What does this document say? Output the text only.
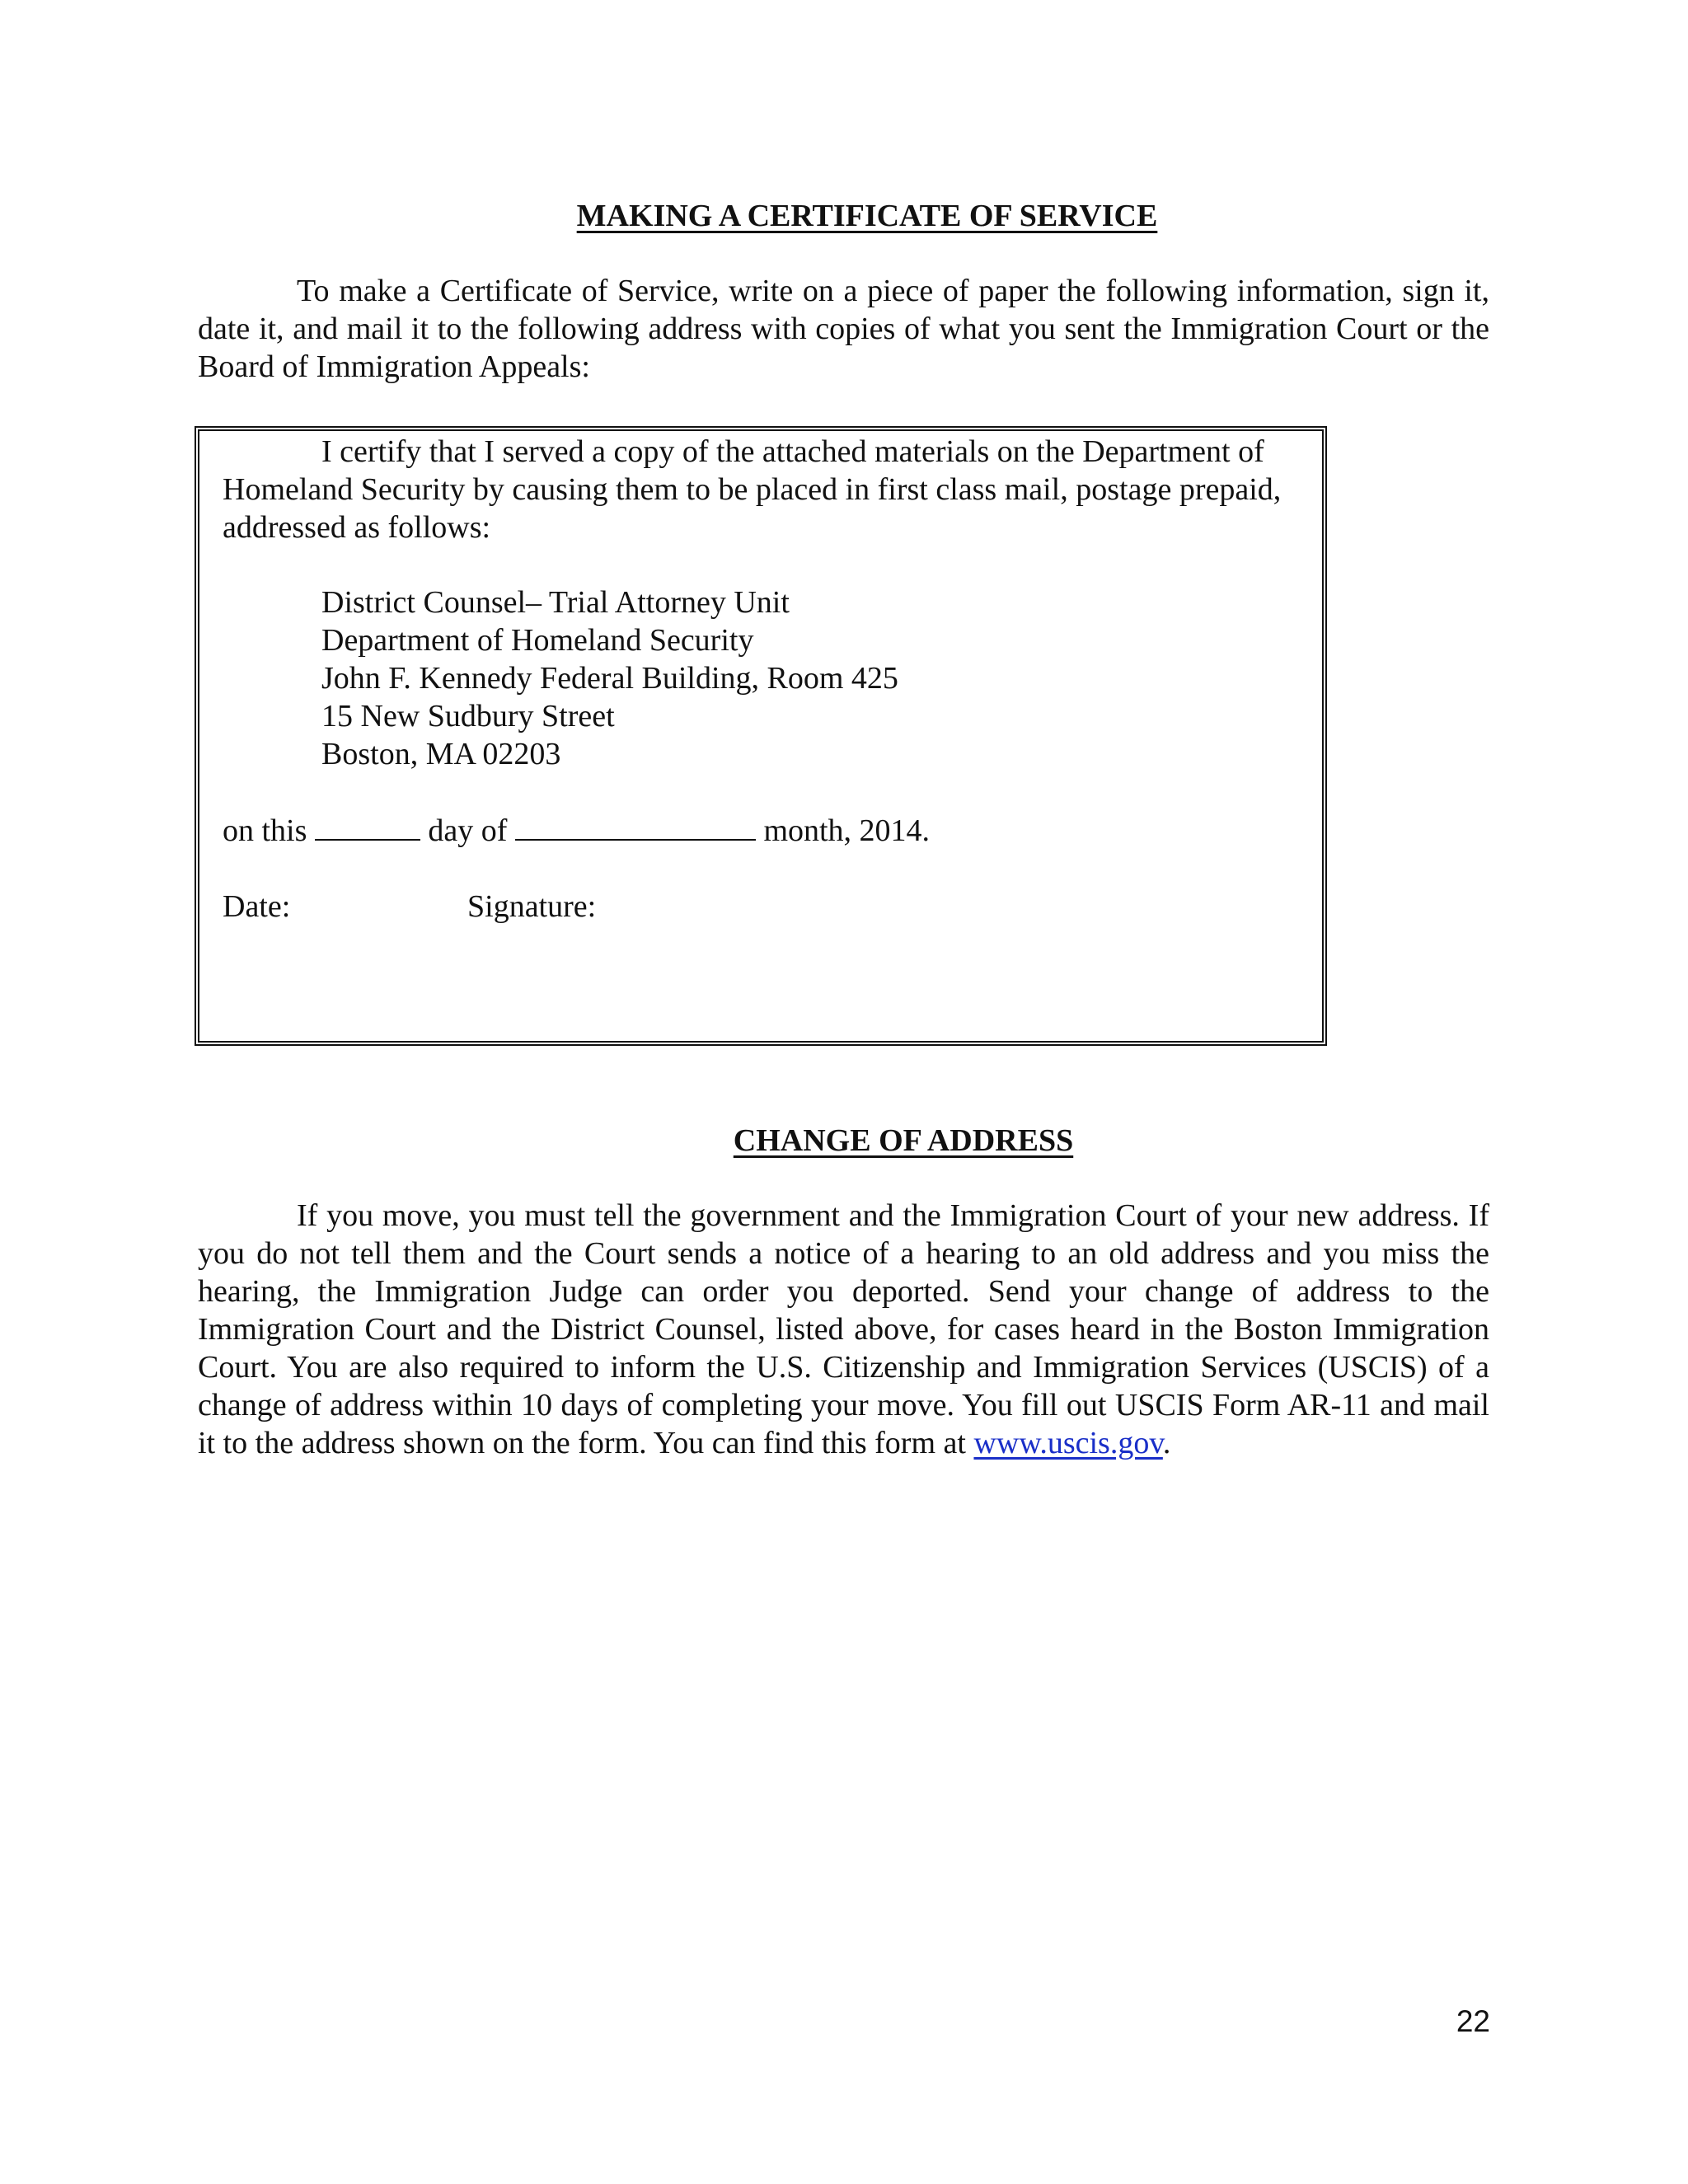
MAKING A CERTIFICATE OF SERVICE

To make a Certificate of Service, write on a piece of paper the following information, sign it, date it, and mail it to the following address with copies of what you sent the Immigration Court or the Board of Immigration Appeals:

I certify that I served a copy of the attached materials on the Department of Homeland Security by causing them to be placed in first class mail, postage prepaid, addressed as follows:

District Counsel– Trial Attorney Unit
Department of Homeland Security
John F. Kennedy Federal Building, Room 425
15 New Sudbury Street
Boston, MA 02203
on this	day of	month, 2014.
Date:	Signature:
CHANGE OF ADDRESS

If you move, you must tell the government and the Immigration Court of your new address. If you do not tell them and the Court sends a notice of a hearing to an old address and you miss the hearing, the Immigration Judge can order you deported. Send your change of address to the Immigration Court and the District Counsel, listed above, for cases heard in the Boston Immigration Court. You are also required to inform the U.S. Citizenship and Immigration Services (USCIS) of a change of address within 10 days of completing your move. You fill out USCIS Form AR-11 and mail it to the address shown on the form. You can find this form at www.uscis.gov.

22
